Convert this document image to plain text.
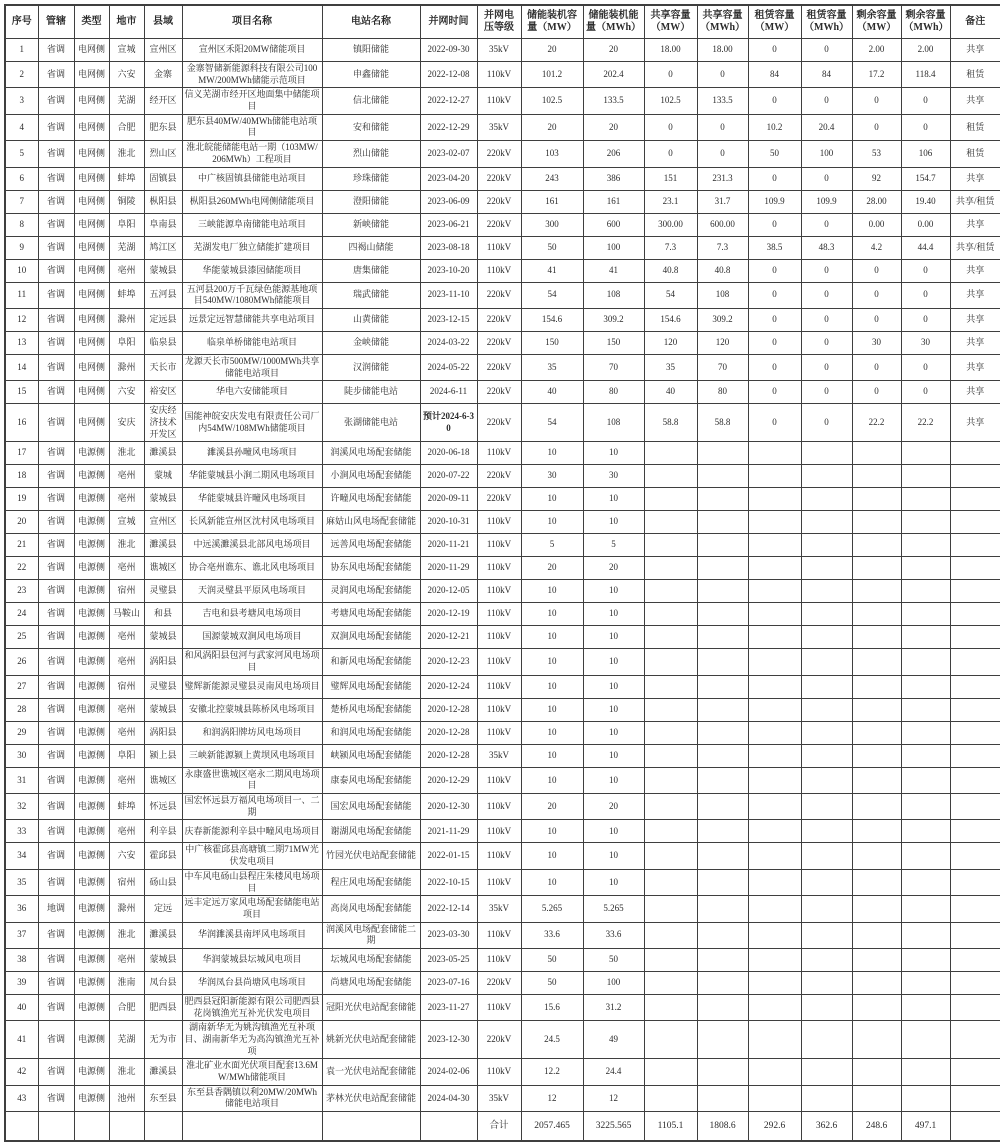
序号	管辖	类型	地市	县域	项目名称	电站名称	并网时间	并网电压等级	储能装机容量（MW）	储能装机能量（MWh）	共享容量（MW）	共享容量（MWh）	租赁容量（MW）	租赁容量（MWh）	剩余容量（MW）	剩余容量（MWh）	备注
1	省调	电网侧	宣城	宣州区	宣州区禾阳20MW储能项目	镇阳储能	2022-09-30	35kV	20	20	18.00	18.00	0	0	2.00	2.00	共享
2	省调	电网侧	六安	金寨	金寨智储新能源科技有限公司100MW/200MWh储能示范项目	申鑫储能	2022-12-08	110kV	101.2	202.4	0	0	84	84	17.2	118.4	租赁
3	省调	电网侧	芜湖	经开区	信义芜湖市经开区地面集中储能项目	信北储能	2022-12-27	110kV	102.5	133.5	102.5	133.5	0	0	0	0	共享
4	省调	电网侧	合肥	肥东县	肥东县40MW/40MWh储能电站项目	安和储能	2022-12-29	35kV	20	20	0	0	10.2	20.4	0	0	租赁
5	省调	电网侧	淮北	烈山区	淮北皖能储能电站一期（103MW/206MWh）工程项目	烈山储能	2023-02-07	220kV	103	206	0	0	50	100	53	106	租赁
6	省调	电网侧	蚌埠	固镇县	中广核固镇县储能电站项目	珍珠储能	2023-04-20	220kV	243	386	151	231.3	0	0	92	154.7	共享
7	省调	电网侧	铜陵	枞阳县	枞阳县260MWh电网侧储能项目	澄阳储能	2023-06-09	220kV	161	161	23.1	31.7	109.9	109.9	28.00	19.40	共享/租赁
8	省调	电网侧	阜阳	阜南县	三峡能源阜南储能电站项目	新峡储能	2023-06-21	220kV	300	600	300.00	600.00	0	0	0.00	0.00	共享
9	省调	电网侧	芜湖	鸠江区	芜湖发电厂独立储能扩建项目	四褐山储能	2023-08-18	110kV	50	100	7.3	7.3	38.5	48.3	4.2	44.4	共享/租赁
10	省调	电网侧	亳州	蒙城县	华能蒙城县漆园储能项目	唐集储能	2023-10-20	110kV	41	41	40.8	40.8	0	0	0	0	共享
11	省调	电网侧	蚌埠	五河县	五河县200万千瓦绿色能源基地项目540MW/1080MWh储能项目	瑞武储能	2023-11-10	220kV	54	108	54	108	0	0	0	0	共享
12	省调	电网侧	滁州	定远县	远景定远智慧储能共享电站项目	山黄储能	2023-12-15	220kV	154.6	309.2	154.6	309.2	0	0	0	0	共享
13	省调	电网侧	阜阳	临泉县	临泉单桥储能电站项目	金峡储能	2024-03-22	220kV	150	150	120	120	0	0	30	30	共享
14	省调	电网侧	滁州	天长市	龙源天长市500MW/1000MWh共享储能电站项目	汉润储能	2024-05-22	220kV	35	70	35	70	0	0	0	0	共享
15	省调	电网侧	六安	裕安区	华电六安储能项目	陡步储能电站	2024-6-11	220kV	40	80	40	80	0	0	0	0	共享
16	省调	电网侧	安庆	安庆经济技术开发区	国能神皖安庆发电有限责任公司厂内54MW/108MWh储能项目	张湖储能电站	预计2024-6-30	220kV	54	108	58.8	58.8	0	0	22.2	22.2	共享
17	省调	电源侧	淮北	濉溪县	濉溪县孙疃风电场项目	润溪风电场配套储能	2020-06-18	110kV	10	10							
18	省调	电源侧	亳州	蒙城	华能蒙城县小涧二期风电场项目	小涧风电场配套储能	2020-07-22	220kV	30	30							
19	省调	电源侧	亳州	蒙城县	华能蒙城县许疃风电场项目	许疃风电场配套储能	2020-09-11	220kV	10	10							
20	省调	电源侧	宣城	宣州区	长风新能宣州区沈村风电场项目	麻姑山风电场配套储能	2020-10-31	110kV	10	10							
21	省调	电源侧	淮北	濉溪县	中远溪濉溪县北部风电场项目	远善风电场配套储能	2020-11-21	110kV	5	5							
22	省调	电源侧	亳州	谯城区	协合亳州谯东、谯北风电场项目	协东风电场配套储能	2020-11-29	110kV	20	20							
23	省调	电源侧	宿州	灵璧县	天润灵璧县平原风电场项目	灵润风电场配套储能	2020-12-05	110kV	10	10							
24	省调	电源侧	马鞍山	和县	吉电和县考塘风电场项目	考塘风电场配套储能	2020-12-19	110kV	10	10							
25	省调	电源侧	亳州	蒙城县	国源蒙城双涧风电场项目	双涧风电场配套储能	2020-12-21	110kV	10	10							
26	省调	电源侧	亳州	涡阳县	和风涡阳县包河与武家河风电场项目	和新风电场配套储能	2020-12-23	110kV	10	10							
27	省调	电源侧	宿州	灵璧县	璧辉新能源灵璧县灵南风电场项目	璧辉风电场配套储能	2020-12-24	110kV	10	10							
28	省调	电源侧	亳州	蒙城县	安徽北控蒙城县陈桥风电场项目	楚桥风电场配套储能	2020-12-28	110kV	10	10							
29	省调	电源侧	亳州	涡阳县	和润涡阳牌坊风电场项目	和润风电场配套储能	2020-12-28	110kV	10	10							
30	省调	电源侧	阜阳	颍上县	三峡新能源颍上黄坝风电场项目	峡颍风电场配套储能	2020-12-28	35kV	10	10							
31	省调	电源侧	亳州	谯城区	永康盛世谯城区亳永二期风电场项目	康泰风电场配套储能	2020-12-29	110kV	10	10							
32	省调	电源侧	蚌埠	怀远县	国宏怀远县万福风电场项目一、二期	国宏风电场配套储能	2020-12-30	110kV	20	20							
33	省调	电源侧	亳州	利辛县	庆春新能源利辛县中疃风电场项目	谢湖风电场配套储能	2021-11-29	110kV	10	10							
34	省调	电源侧	六安	霍邱县	中广核霍邱县高塘镇二期71MW光伏发电项目	竹园光伏电站配套储能	2022-01-15	110kV	10	10							
35	省调	电源侧	宿州	砀山县	中车风电砀山县程庄朱楼风电场项目	程庄风电场配套储能	2022-10-15	110kV	10	10							
36	地调	电源侧	滁州	定远	远丰定远万家风电场配套储能电站项目	高岗风电场配套储能	2022-12-14	35kV	5.265	5.265							
37	省调	电源侧	淮北	濉溪县	华润濉溪县南坪风电场项目	润溪风电场配套储能二期	2023-03-30	110kV	33.6	33.6							
38	省调	电源侧	亳州	蒙城县	华润蒙城县坛城风电项目	坛城风电场配套储能	2023-05-25	110kV	50	50							
39	省调	电源侧	淮南	凤台县	华润凤台县尚塘风电场项目	尚塘风电场配套储能	2023-07-16	220kV	50	100							
40	省调	电源侧	合肥	肥西县	肥西县冠阳新能源有限公司肥西县花岗镇渔光互补光伏发电项目	冠阳光伏电站配套储能	2023-11-27	110kV	15.6	31.2							
41	省调	电源侧	芜湖	无为市	湖南新华无为姚沟镇渔光互补项目、湖南新华无为高沟镇渔光互补项	姚新光伏电站配套储能	2023-12-30	220kV	24.5	49							
42	省调	电源侧	淮北	濉溪县	淮北矿业水面光伏项目配套13.6MW/MWh储能项目	袁一光伏电站配套储能	2024-02-06	110kV	12.2	24.4							
43	省调	电源侧	池州	东至县	东至县香隅镇以利20MW/20MWh储能电站项目	茅林光伏电站配套储能	2024-04-30	35kV	12	12							
								合计	2057.465	3225.565	1105.1	1808.6	292.6	362.6	248.6	497.1	
